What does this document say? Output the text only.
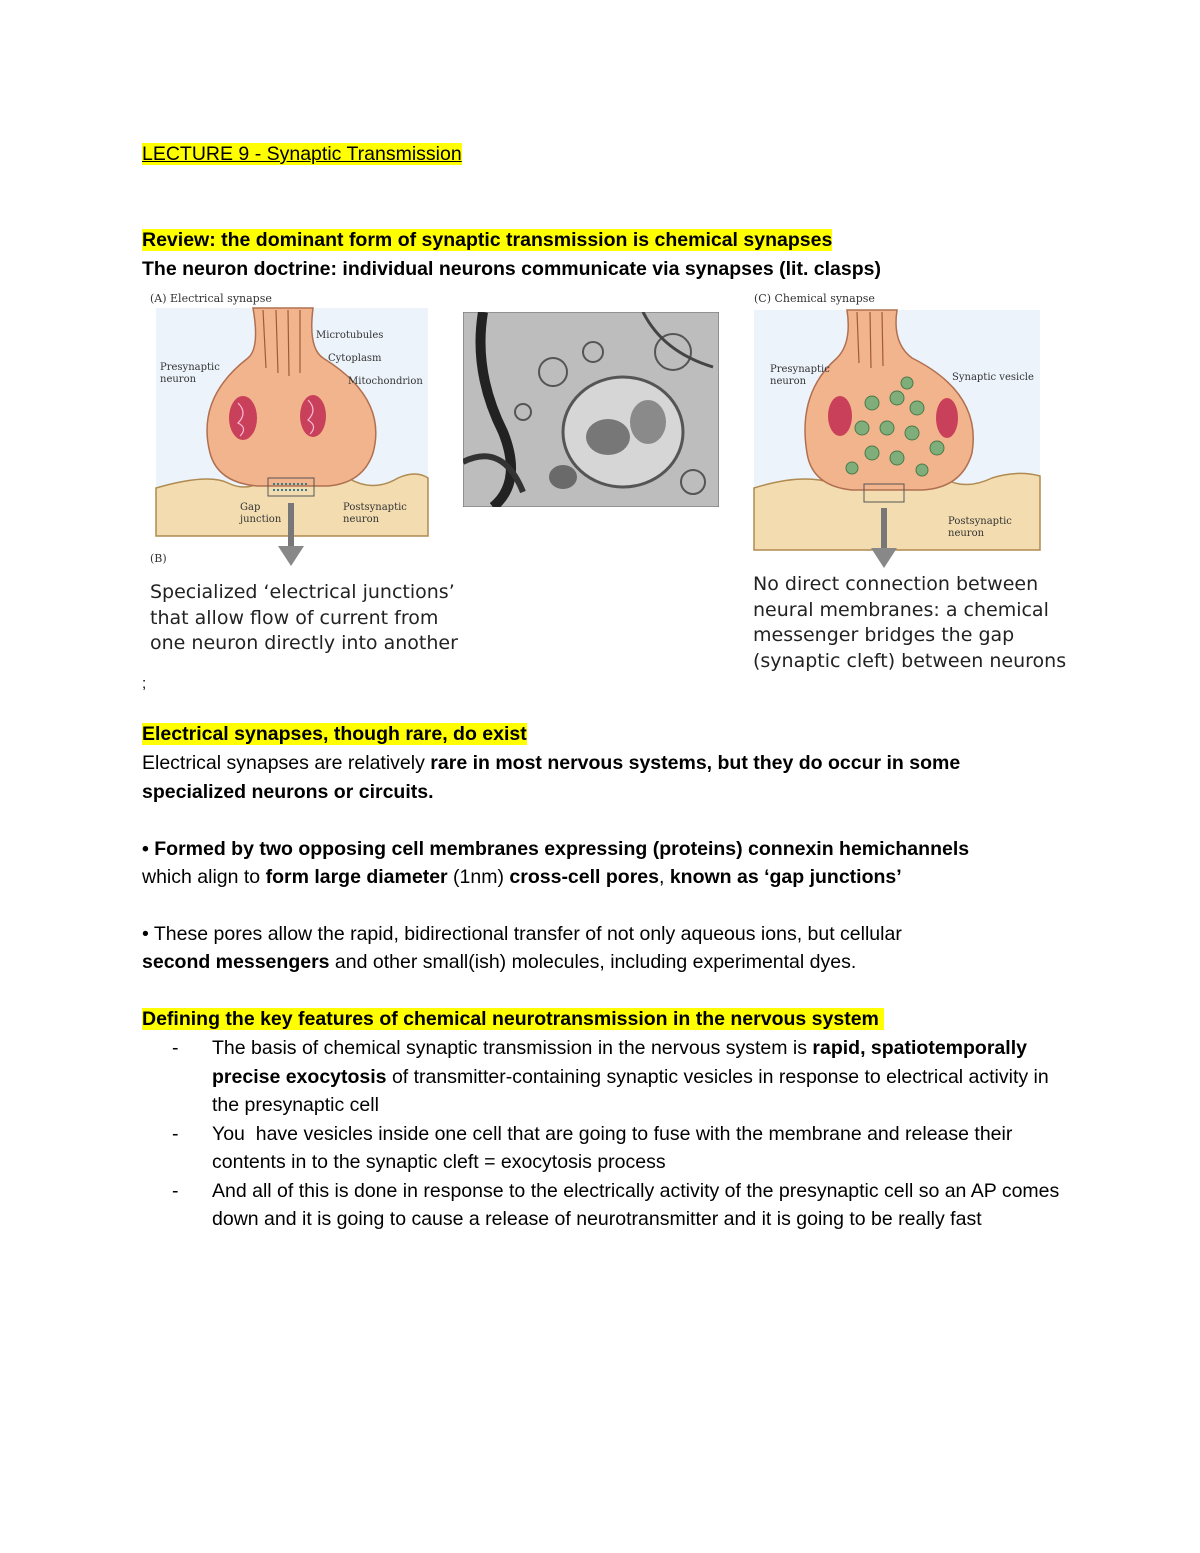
LECTURE 9 - Synaptic Transmission
Review: the dominant form of synaptic transmission is chemical synapses
The neuron doctrine: individual neurons communicate via synapses (lit. clasps)
(A) Electrical synapse
Microtubules
Cytoplasm
Mitochondrion
Presynaptic
neuron
Gap
junction
Postsynaptic
neuron
(B)
Specialized ‘electrical junctions’
that allow flow of current from
one neuron directly into another
(C) Chemical synapse
Presynaptic
neuron	Synaptic vesicle
Postsynaptic
neuron
No direct connection between
neural membranes: a chemical
messenger bridges the gap
(synaptic cleft) between neurons
;
Electrical synapses, though rare, do exist
Electrical synapses are relatively rare in most nervous systems, but they do occur in some
specialized neurons or circuits.
• Formed by two opposing cell membranes expressing (proteins) connexin hemichannels
which align to form large diameter (1nm) cross-cell pores, known as ‘gap junctions’
• These pores allow the rapid, bidirectional transfer of not only aqueous ions, but cellular
second messengers and other small(ish) molecules, including experimental dyes.
Defining the key features of chemical neurotransmission in the nervous system
- The basis of chemical synaptic transmission in the nervous system is rapid, spatiotemporally precise exocytosis of transmitter-containing synaptic vesicles in response to electrical activity in the presynaptic cell
- You  have vesicles inside one cell that are going to fuse with the membrane and release their contents in to the synaptic cleft = exocytosis process
- And all of this is done in response to the electrically activity of the presynaptic cell so an AP comes down and it is going to cause a release of neurotransmitter and it is going to be really fast
